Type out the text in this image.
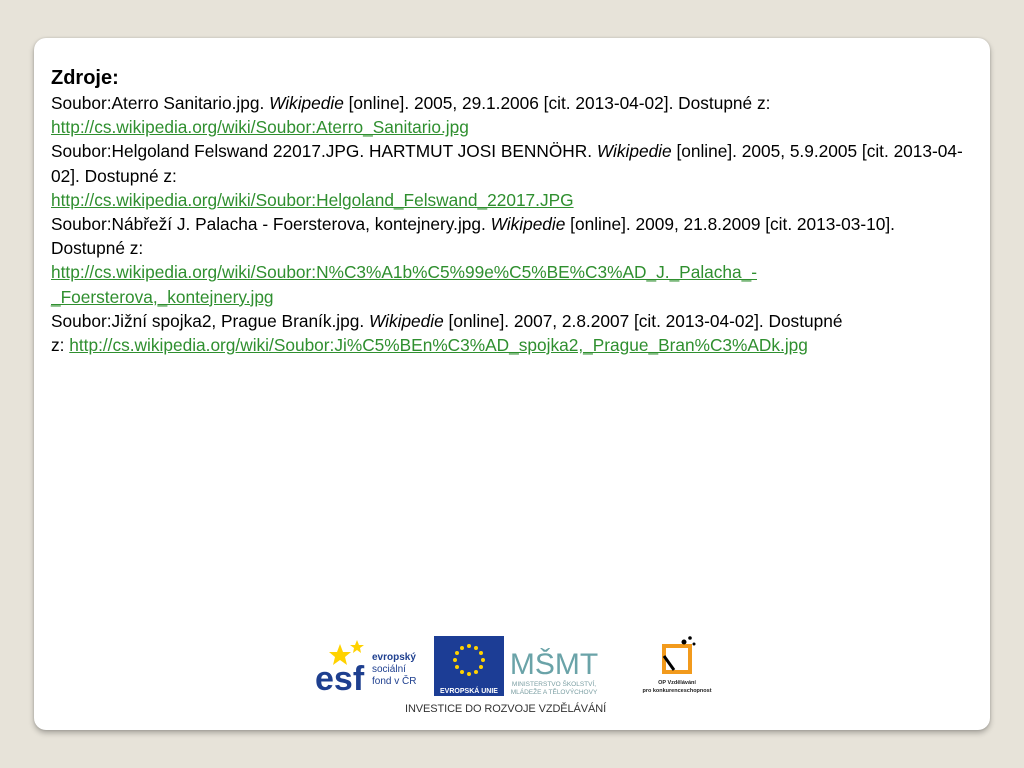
Zdroje:

Soubor:Aterro Sanitario.jpg. Wikipedie [online]. 2005, 29.1.2006 [cit. 2013-04-02]. Dostupné z:
http://cs.wikipedia.org/wiki/Soubor:Aterro_Sanitario.jpg

Soubor:Helgoland Felswand 22017.JPG. HARTMUT JOSI BENNÖHR. Wikipedie [online]. 2005, 5.9.2005 [cit. 2013-04-02]. Dostupné z:
http://cs.wikipedia.org/wiki/Soubor:Helgoland_Felswand_22017.JPG

Soubor:Nábřeží J. Palacha - Foersterova, kontejnery.jpg. Wikipedie [online]. 2009, 21.8.2009 [cit. 2013-03-10]. Dostupné z:
http://cs.wikipedia.org/wiki/Soubor:N%C3%A1b%C5%99e%C5%BE%C3%AD_J._Palacha_-_Foersterova,_kontejnery.jpg

Soubor:Jižní spojka2, Prague Braník.jpg. Wikipedie [online]. 2007, 2.8.2007 [cit. 2013-04-02]. Dostupné
z: http://cs.wikipedia.org/wiki/Soubor:Ji%C5%BEn%C3%AD_spojka2,_Prague_Bran%C3%ADk.jpg

esf
evropský
sociální
fond v ČR
EVROPSKÁ UNIE
MŠMT
MINISTERSTVO ŠKOLSTVÍ,
MLÁDEŽE A TĚLOVÝCHOVY
OP Vzdělávání
pro konkurenceschopnost
INVESTICE DO ROZVOJE VZDĚLÁVÁNÍ
